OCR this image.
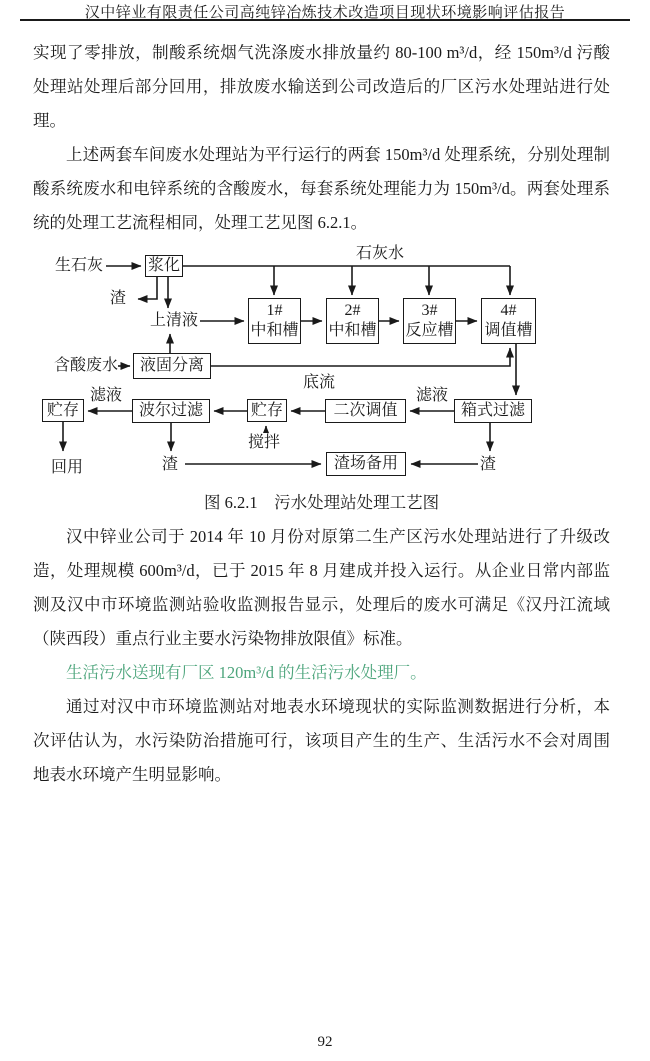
汉中锌业有限责任公司高纯锌冶炼技术改造项目现状环境影响评估报告

实现了零排放，制酸系统烟气洗涤废水排放量约 80-100 m³/d，经 150m³/d 污酸处理站处理后部分回用，排放废水输送到公司改造后的厂区污水处理站进行处理。

上述两套车间废水处理站为平行运行的两套 150m³/d 处理系统，分别处理制酸系统废水和电锌系统的含酸废水，每套系统处理能力为 150m³/d。两套处理系统的处理工艺流程相同，处理工艺见图 6.2.1。

浆化
1#
中和槽
2#
中和槽
3#
反应槽
4#
调值槽
液固分离
箱式过滤
二次调值
贮存
波尔过滤
贮存
渣场备用
生石灰
石灰水
渣
上清液
含酸废水
底流
滤液	滤液
搅拌
回用	渣	渣

图 6.2.1　污水处理站处理工艺图

汉中锌业公司于 2014 年 10 月份对原第二生产区污水处理站进行了升级改造，处理规模 600m³/d，已于 2015 年 8 月建成并投入运行。从企业日常内部监测及汉中市环境监测站验收监测报告显示，处理后的废水可满足《汉丹江流域（陕西段）重点行业主要水污染物排放限值》标准。

生活污水送现有厂区 120m³/d 的生活污水处理厂。

通过对汉中市环境监测站对地表水环境现状的实际监测数据进行分析，本次评估认为，水污染防治措施可行，该项目产生的生产、生活污水不会对周围地表水环境产生明显影响。

92
